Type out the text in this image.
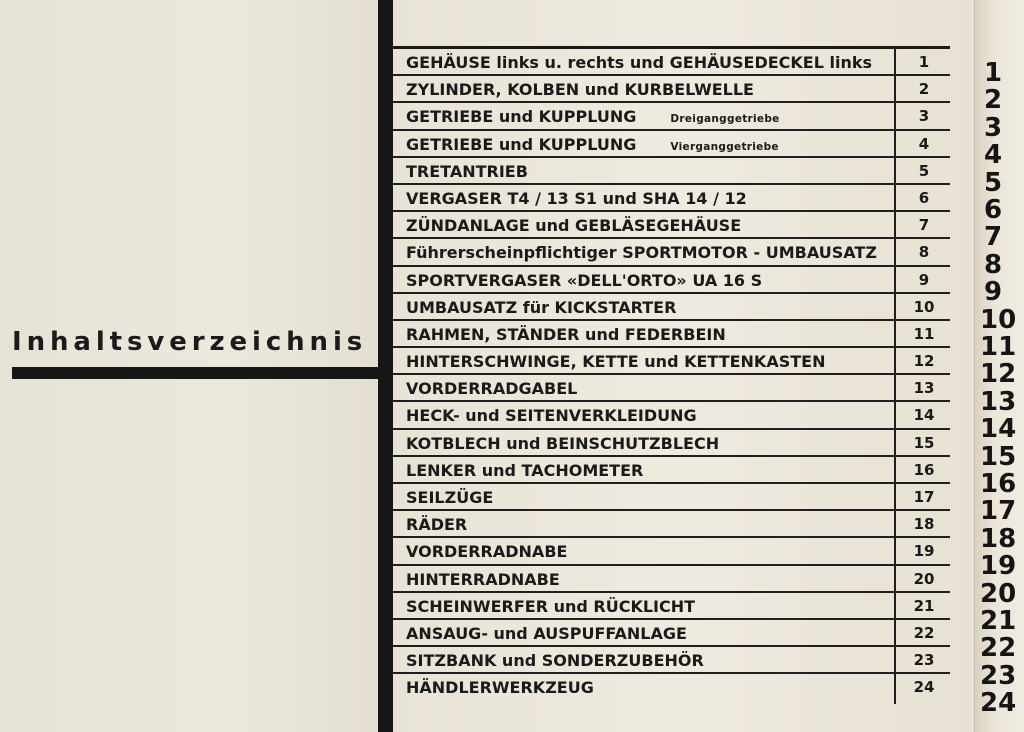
Inhaltsverzeichnis
GEHÄUSE links u. rechts und GEHÄUSEDECKEL links	1
ZYLINDER, KOLBEN und KURBELWELLE	2
GETRIEBE und KUPPLUNG	Dreiganggetriebe	3
GETRIEBE und KUPPLUNG	Vierganggetriebe	4
TRETANTRIEB	5
VERGASER T4 / 13 S1 und SHA 14 / 12	6
ZÜNDANLAGE und GEBLÄSEGEHÄUSE	7
Führerscheinpflichtiger SPORTMOTOR - UMBAUSATZ	8
SPORTVERGASER «DELL'ORTO» UA 16 S	9
UMBAUSATZ für KICKSTARTER	10
RAHMEN, STÄNDER und FEDERBEIN	11
HINTERSCHWINGE, KETTE und KETTENKASTEN	12
VORDERRADGABEL	13
HECK- und SEITENVERKLEIDUNG	14
KOTBLECH und BEINSCHUTZBLECH	15
LENKER und TACHOMETER	16
SEILZÜGE	17
RÄDER	18
VORDERRADNABE	19
HINTERRADNABE	20
SCHEINWERFER und RÜCKLICHT	21
ANSAUG- und AUSPUFFANLAGE	22
SITZBANK und SONDERZUBEHÖR	23
HÄNDLERWERKZEUG	24
1
2
3
4
5
6
7
8
9
10
11
12
13
14
15
16
17
18
19
20
21
22
23
24
